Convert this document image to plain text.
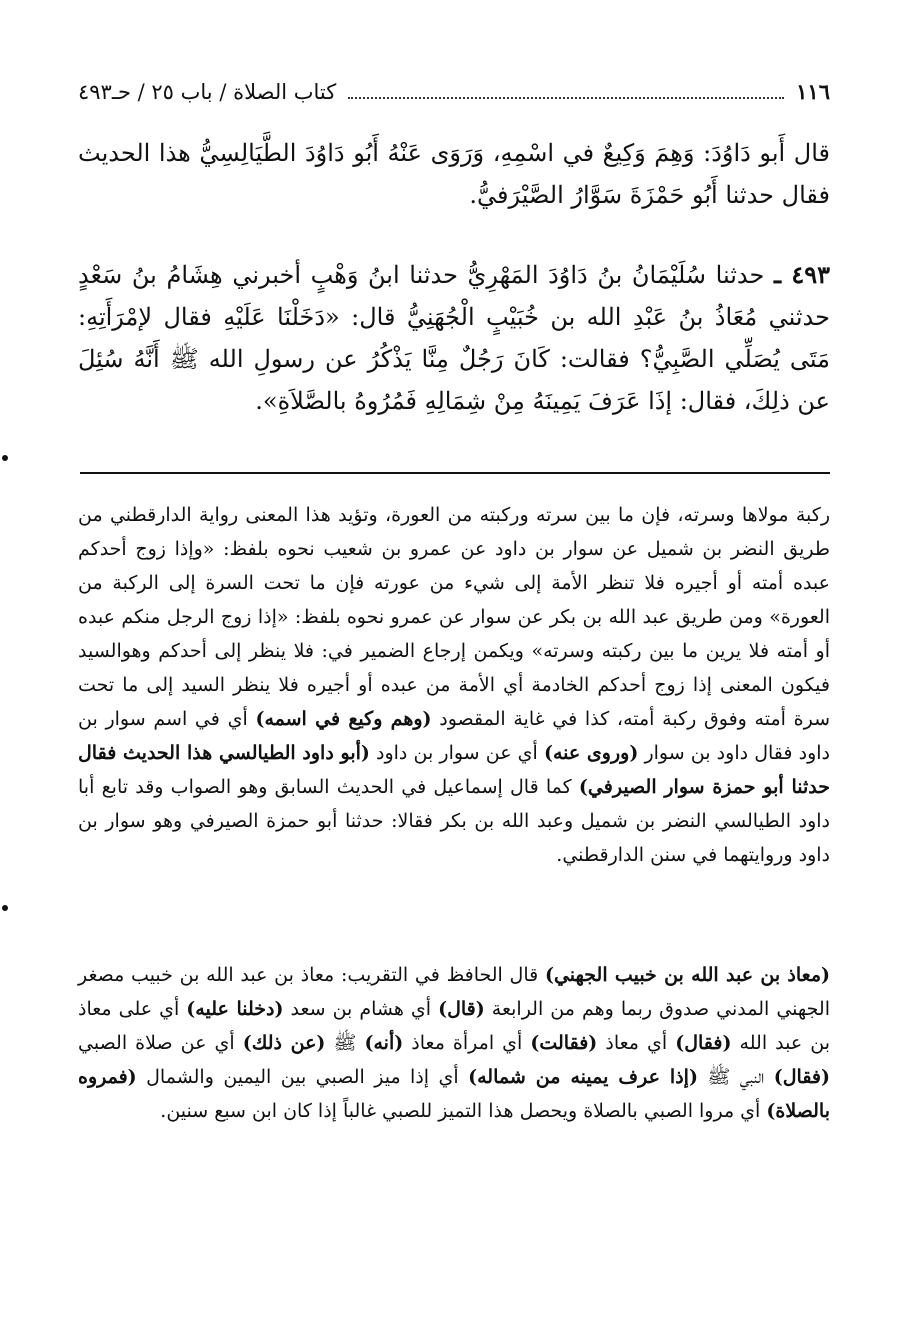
١١٦
كتاب الصلاة / باب ٢٥ / حـ٤٩٣

قال أَبو دَاوُدَ: وَهِمَ وَكِيعٌ في اسْمِهِ، وَرَوَى عَنْهُ أَبُو دَاوُدَ الطَّيَالِسِيُّ هذا الحديث فقال حدثنا أَبُو حَمْزَةَ سَوَّارُ الصَّيْرَفيُّ.

٤٩٣ ـ حدثنا سُلَيْمَانُ بنُ دَاوُدَ المَهْرِيُّ حدثنا ابنُ وَهْبٍ أخبرني هِشَامُ بنُ سَعْدٍ حدثني مُعَاذُ بنُ عَبْدِ الله بن خُبَيْبٍ الْجُهَنِيُّ قال: «دَخَلْنَا عَلَيْهِ فقال لإمْرَأَتِهِ: مَتَى يُصَلِّي الصَّبِيُّ؟ فقالت: كَانَ رَجُلٌ مِنَّا يَذْكُرُ عن رسولِ الله ﷺ أَنَّهُ سُئِلَ عن ذلِكَ، فقال: إذَا عَرَفَ يَمِينَهُ مِنْ شِمَالِهِ فَمُرُوهُ بالصَّلاَةِ».

ركبة مولاها وسرته، فإن ما بين سرته وركبته من العورة، وتؤيد هذا المعنى رواية الدارقطني من طريق النضر بن شميل عن سوار بن داود عن عمرو بن شعيب نحوه بلفظ: «وإذا زوج أحدكم عبده أمته أو أجيره فلا تنظر الأمة إلى شيء من عورته فإن ما تحت السرة إلى الركبة من العورة» ومن طريق عبد الله بن بكر عن سوار عن عمرو نحوه بلفظ: «إذا زوج الرجل منكم عبده أو أمته فلا يرين ما بين ركبته وسرته» ويكمن إرجاع الضمير في: فلا ينظر إلى أحدكم وهوالسيد فيكون المعنى إذا زوج أحدكم الخادمة أي الأمة من عبده أو أجيره فلا ينظر السيد إلى ما تحت سرة أمته وفوق ركبة أمته، كذا في غاية المقصود (وهم وكيع في اسمه) أي في اسم سوار بن داود فقال داود بن سوار (وروى عنه) أي عن سوار بن داود (أبو داود الطيالسي هذا الحديث فقال حدثنا أبو حمزة سوار الصيرفي) كما قال إسماعيل في الحديث السابق وهو الصواب وقد تابع أبا داود الطيالسي النضر بن شميل وعبد الله بن بكر فقالا: حدثنا أبو حمزة الصيرفي وهو سوار بن داود وروايتهما في سنن الدارقطني.

(معاذ بن عبد الله بن خبيب الجهني) قال الحافظ في التقريب: معاذ بن عبد الله بن خبيب مصغر الجهني المدني صدوق ربما وهم من الرابعة (قال) أي هشام بن سعد (دخلنا عليه) أي على معاذ بن عبد الله (فقال) أي معاذ (فقالت) أي امرأة معاذ (أنه) ﷺ (عن ذلك) أي عن صلاة الصبي (فقال) النبي ﷺ (إذا عرف يمينه من شماله) أي إذا ميز الصبي بين اليمين والشمال (فمروه بالصلاة) أي مروا الصبي بالصلاة ويحصل هذا التميز للصبي غالباً إذا كان ابن سبع سنين.
